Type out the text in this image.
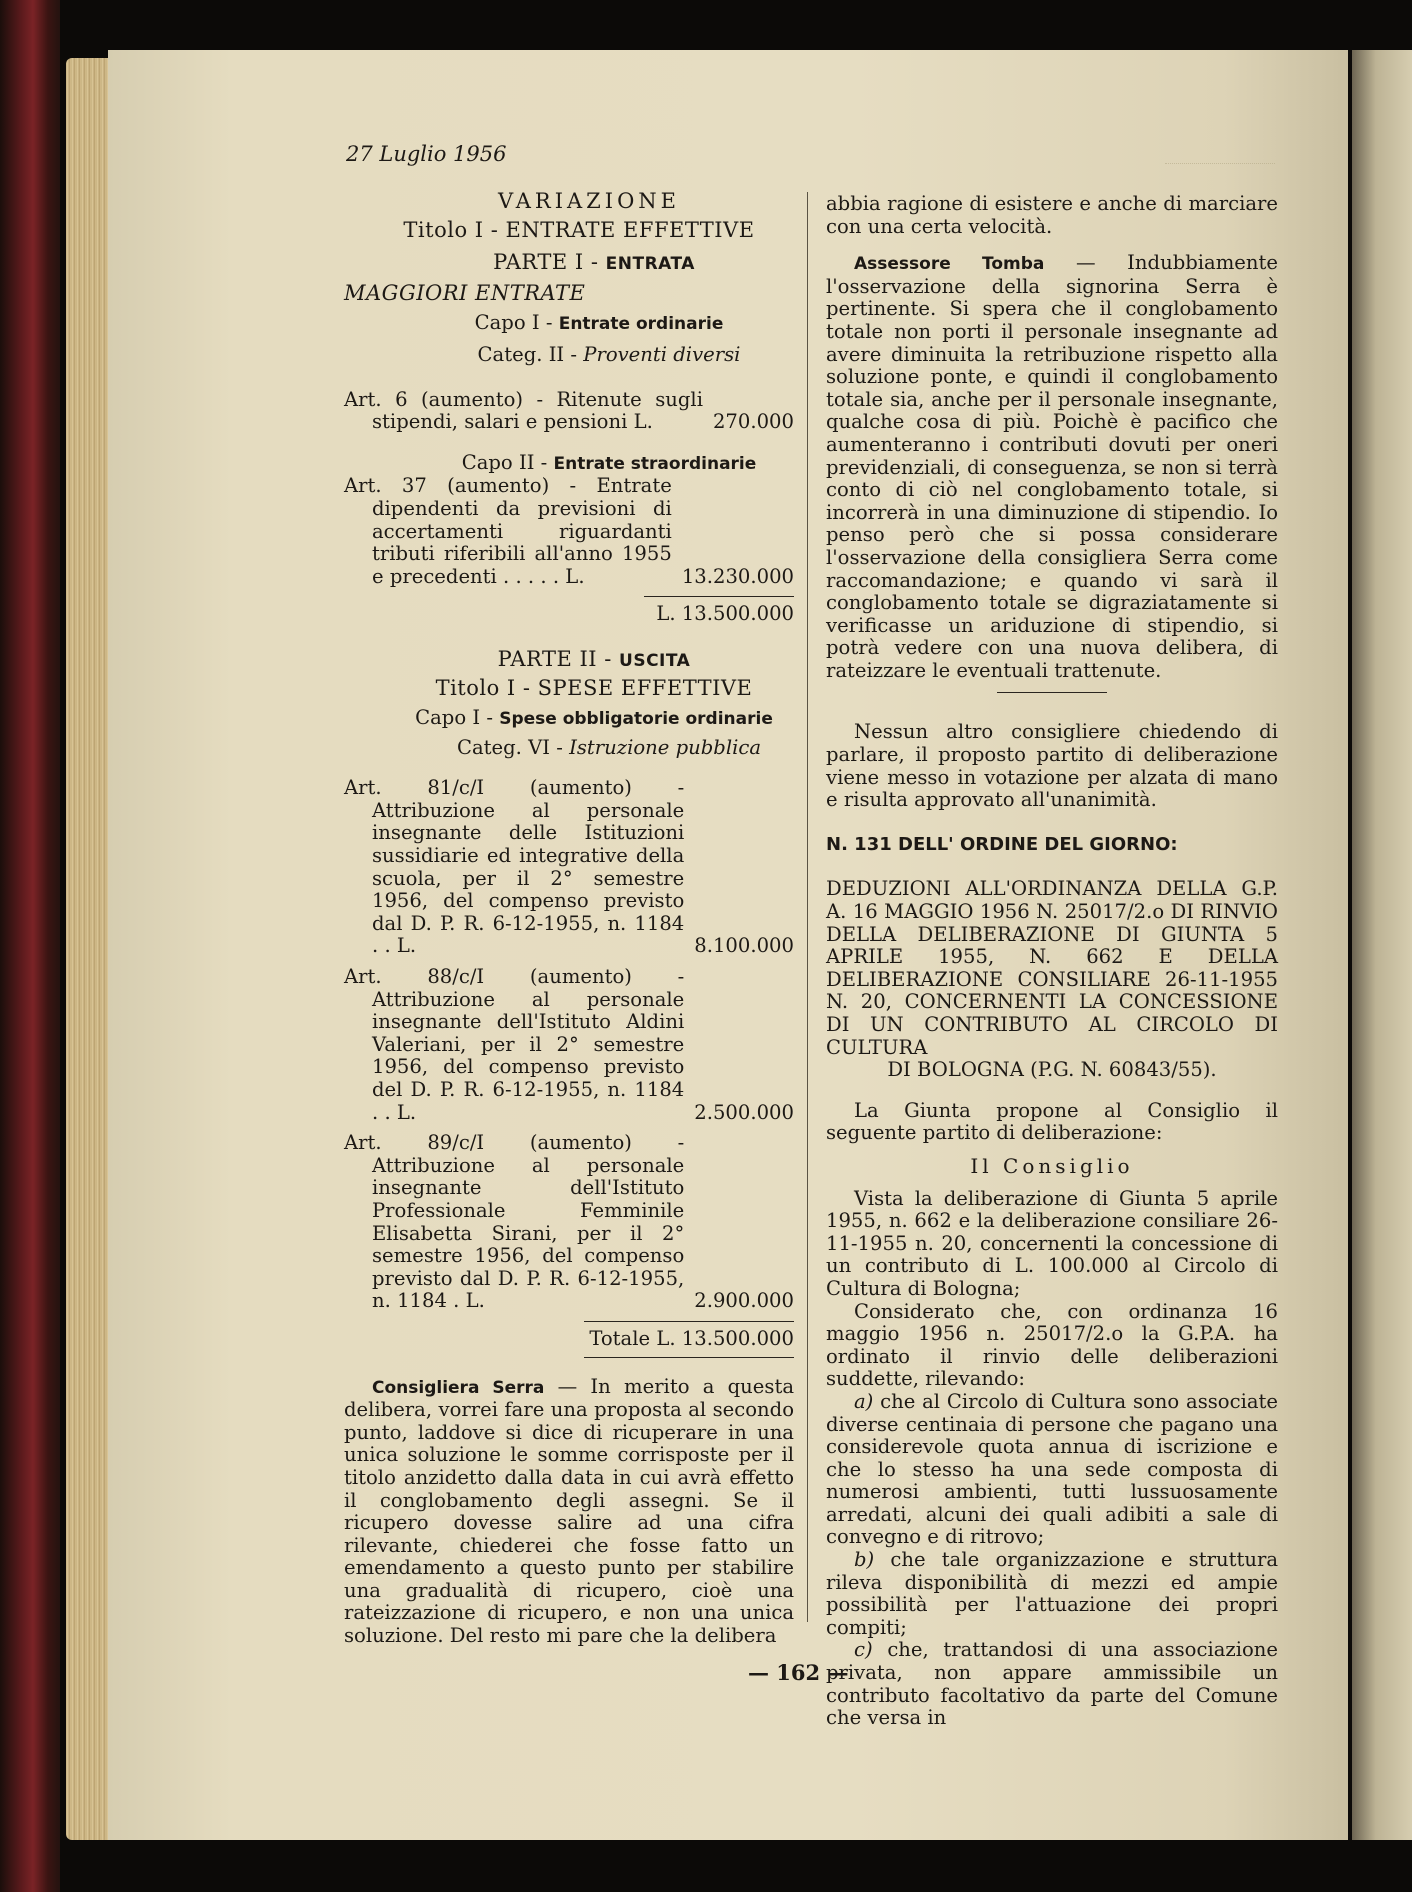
27 Luglio 1956
VARIAZIONE
Titolo I - ENTRATE EFFETTIVE
PARTE I - ENTRATA
MAGGIORI ENTRATE
Capo I - Entrate ordinarie
Categ. II - Proventi diversi
Art. 6 (aumento) - Ritenute sugli stipendi, salari e pensioni L.	270.000
Capo II - Entrate straordinarie
Art. 37 (aumento) - Entrate dipendenti da previsioni di accertamenti riguardanti tributi riferibili all'anno 1955 e precedenti . . . . . L.	13.230.000
L. 13.500.000
PARTE II - USCITA
Titolo I - SPESE EFFETTIVE
Capo I - Spese obbligatorie ordinarie
Categ. VI - Istruzione pubblica
Art. 81/c/I (aumento) - Attribuzione al personale insegnante delle Istituzioni sussidiarie ed integrative della scuola, per il 2° semestre 1956, del compenso previsto dal D. P. R. 6-12-1955, n. 1184 . . L.	8.100.000
Art. 88/c/I (aumento) - Attribuzione al personale insegnante dell'Istituto Aldini Valeriani, per il 2° semestre 1956, del compenso previsto del D. P. R. 6-12-1955, n. 1184 . . L.	2.500.000
Art. 89/c/I (aumento) - Attribuzione al personale insegnante dell'Istituto Professionale Femminile Elisabetta Sirani, per il 2° semestre 1956, del compenso previsto dal D. P. R. 6-12-1955, n. 1184 . L.	2.900.000
Totale L. 13.500.000

Consigliera Serra — In merito a questa delibera, vorrei fare una proposta al secondo punto, laddove si dice di ricuperare in una unica soluzione le somme corrisposte per il titolo anzidetto dalla data in cui avrà effetto il conglobamento degli assegni. Se il ricupero dovesse salire ad una cifra rilevante, chiederei che fosse fatto un emendamento a questo punto per stabilire una gradualità di ricupero, cioè una rateizzazione di ricupero, e non una unica soluzione. Del resto mi pare che la delibera

abbia ragione di esistere e anche di marciare con una certa velocità.

Assessore Tomba — Indubbiamente l'osservazione della signorina Serra è pertinente. Si spera che il conglobamento totale non porti il personale insegnante ad avere diminuita la retribuzione rispetto alla soluzione ponte, e quindi il conglobamento totale sia, anche per il personale insegnante, qualche cosa di più. Poichè è pacifico che aumenteranno i contributi dovuti per oneri previdenziali, di conseguenza, se non si terrà conto di ciò nel conglobamento totale, si incorrerà in una diminuzione di stipendio. Io penso però che si possa considerare l'osservazione della consigliera Serra come raccomandazione; e quando vi sarà il conglobamento totale se digraziatamente si verificasse un ariduzione di stipendio, si potrà vedere con una nuova delibera, di rateizzare le eventuali trattenute.

Nessun altro consigliere chiedendo di parlare, il proposto partito di deliberazione viene messo in votazione per alzata di mano e risulta approvato all'unanimità.

N. 131 DELL' ORDINE DEL GIORNO:

DEDUZIONI ALL'ORDINANZA DELLA G.P. A. 16 MAGGIO 1956 N. 25017/2.o DI RINVIO DELLA DELIBERAZIONE DI GIUNTA 5 APRILE 1955, N. 662 E DELLA DELIBERAZIONE CONSILIARE 26-11-1955 N. 20, CONCERNENTI LA CONCESSIONE DI UN CONTRIBUTO AL CIRCOLO DI CULTURA

DI BOLOGNA (P.G. N. 60843/55).

La Giunta propone al Consiglio il seguente partito di deliberazione:

Il Consiglio

Vista la deliberazione di Giunta 5 aprile 1955, n. 662 e la deliberazione consiliare 26-11-1955 n. 20, concernenti la concessione di un contributo di L. 100.000 al Circolo di Cultura di Bologna;

Considerato che, con ordinanza 16 maggio 1956 n. 25017/2.o la G.P.A. ha ordinato il rinvio delle deliberazioni suddette, rilevando:

a) che al Circolo di Cultura sono associate diverse centinaia di persone che pagano una considerevole quota annua di iscrizione e che lo stesso ha una sede composta di numerosi ambienti, tutti lussuosamente arredati, alcuni dei quali adibiti a sale di convegno e di ritrovo;

b) che tale organizzazione e struttura rileva disponibilità di mezzi ed ampie possibilità per l'attuazione dei propri compiti;

c) che, trattandosi di una associazione privata, non appare ammissibile un contributo facoltativo da parte del Comune che versa in

— 162 —
